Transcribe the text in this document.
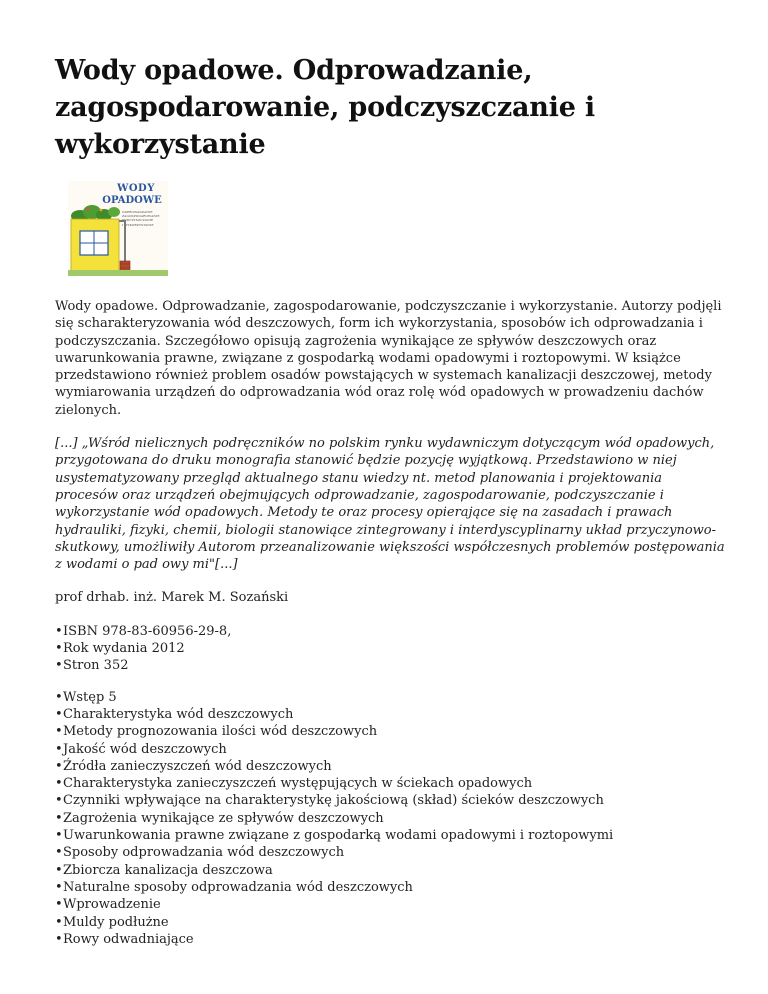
Wody opadowe. Odprowadzanie, zagospodarowanie, podczyszczanie i wykorzystanie
WODY
OPADOWE
ODPROWADZANIE
ZAGOSPODAROWANIE
PODCZYSZCZANIE
I WYKORZYSTANIE
Wody opadowe. Odprowadzanie, zagospodarowanie, podczyszczanie i wykorzystanie. Autorzy podjęli się scharakteryzowania wód deszczowych, form ich wykorzystania, sposobów ich odprowadzania i podczyszczania. Szczegółowo opisują zagrożenia wynikające ze spływów deszczowych oraz uwarunkowania prawne, związane z gospodarką wodami opadowymi i roztopowymi. W książce przedstawiono również problem osadów powstających w systemach kanalizacji deszczowej, metody wymiarowania urządzeń do odprowadzania wód oraz rolę wód opadowych w prowadzeniu dachów zielonych.
[...] „Wśród nielicznych podręczników no polskim rynku wydawniczym dotyczącym wód opadowych, przygotowana do druku monografia stanowić będzie pozycję wyjątkową. Przedstawiono w niej usystematyzowany przegląd aktualnego stanu wiedzy nt. metod planowania i projektowania procesów oraz urządzeń obejmujących odprowadzanie, zagospodarowanie, podczyszczanie i wykorzystanie wód opadowych. Metody te oraz procesy opierające się na zasadach i prawach hydrauliki, fizyki, chemii, biologii stanowiące zintegrowany i interdyscyplinarny układ przyczynowo-skutkowy, umożliwiły Autorom przeanalizowanie większości współczesnych problemów postępowania z wodami o pad owy mi"[...]
prof drhab. inż. Marek M. Sozański
• ISBN 978-83-60956-29-8,
• Rok wydania 2012
• Stron 352
• Wstęp 5
• Charakterystyka wód deszczowych
• Metody prognozowania ilości wód deszczowych
• Jakość wód deszczowych
• Źródła zanieczyszczeń wód deszczowych
• Charakterystyka zanieczyszczeń występujących w ściekach opadowych
• Czynniki wpływające na charakterystykę jakościową (skład) ścieków deszczowych
• Zagrożenia wynikające ze spływów deszczowych
• Uwarunkowania prawne związane z gospodarką wodami opadowymi i roztopowymi
• Sposoby odprowadzania wód deszczowych
• Zbiorcza kanalizacja deszczowa
• Naturalne sposoby odprowadzania wód deszczowych
• Wprowadzenie
• Muldy podłużne
• Rowy odwadniające
